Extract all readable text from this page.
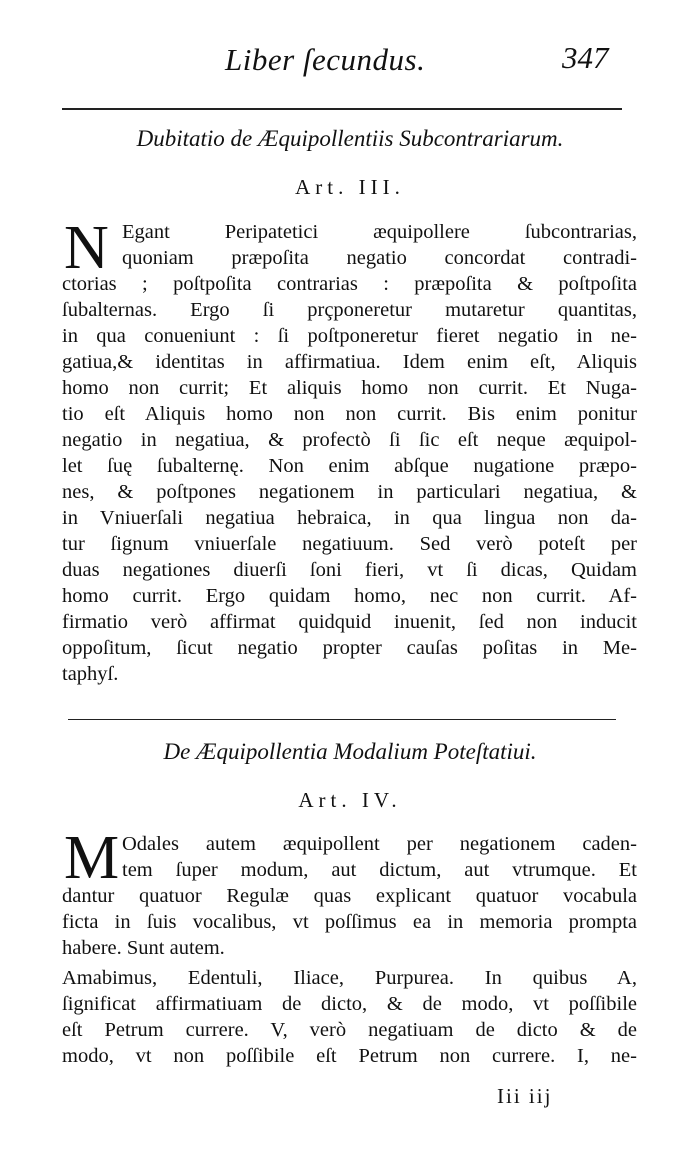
Liber ſecundus.	347
Dubitatio de Æquipollentiis Subcontrariarum.
Art. III.
N Egant Peripatetici æquipollere ſubcontrarias,
quoniam præpoſita negatio concordat contradi-
ctorias ; poſtpoſita contrarias : præpoſita & poſtpoſita
ſubalternas. Ergo ſi prçponeretur mutaretur quantitas,
in qua conueniunt : ſi poſtponeretur fieret negatio in ne-
gatiua,& identitas in affirmatiua. Idem enim eſt, Aliquis
homo non currit; Et aliquis homo non currit. Et Nuga-
tio eſt Aliquis homo non non currit. Bis enim ponitur
negatio in negatiua, & profectò ſi ſic eſt neque æquipol-
let ſuę ſubalternę. Non enim abſque nugatione præpo-
nes, & poſtpones negationem in particulari negatiua, &
in Vniuerſali negatiua hebraica, in qua lingua non da-
tur ſignum vniuerſale negatiuum. Sed verò poteſt per
duas negationes diuerſi ſoni fieri, vt ſi dicas, Quidam
homo currit. Ergo quidam homo, nec non currit. Af-
firmatio verò affirmat quidquid inuenit, ſed non inducit
oppoſitum, ſicut negatio propter cauſas poſitas in Me-
taphyſ.
De Æquipollentia Modalium Poteſtatiui.
Art. IV.
M Odales autem æquipollent per negationem caden-
tem ſuper modum, aut dictum, aut vtrumque. Et
dantur quatuor Regulæ quas explicant quatuor vocabula
ficta in ſuis vocalibus, vt poſſimus ea in memoria prompta
habere. Sunt autem.
Amabimus, Edentuli, Iliace, Purpurea. In quibus A,
ſignificat affirmatiuam de dicto, & de modo, vt poſſibile
eſt Petrum currere. V, verò negatiuam de dicto & de
modo, vt non poſſibile eſt Petrum non currere. I, ne-
Iii iij
